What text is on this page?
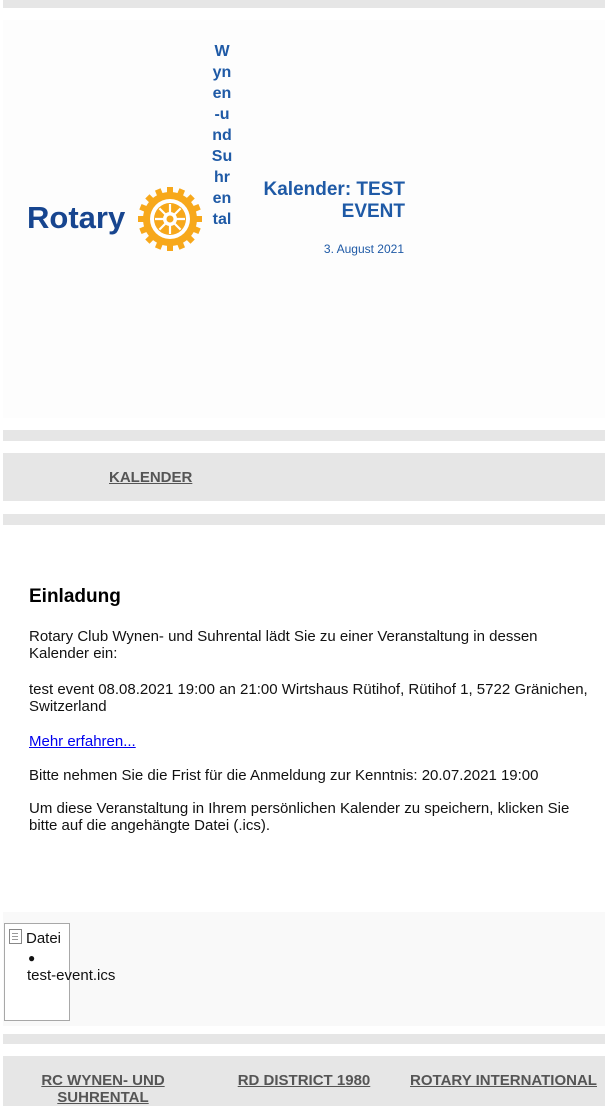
Rotary
Wynen-undSuhrental
Kalender: TEST EVENT
3. August 2021
KALENDER
Einladung

Rotary Club Wynen- und Suhrental lädt Sie zu einer Veranstaltung in dessen Kalender ein:

test event 08.08.2021 19:00 an 21:00 Wirtshaus Rütihof, Rütihof 1, 5722 Gränichen, Switzerland

Mehr erfahren...

Bitte nehmen Sie die Frist für die Anmeldung zur Kenntnis: 20.07.2021 19:00

Um diese Veranstaltung in Ihrem persönlichen Kalender zu speichern, klicken Sie bitte auf die angehängte Datei (.ics).

Datei
●
test-event.ics
RC WYNEN- UND SUHRENTAL
RD DISTRICT 1980	ROTARY INTERNATIONAL
